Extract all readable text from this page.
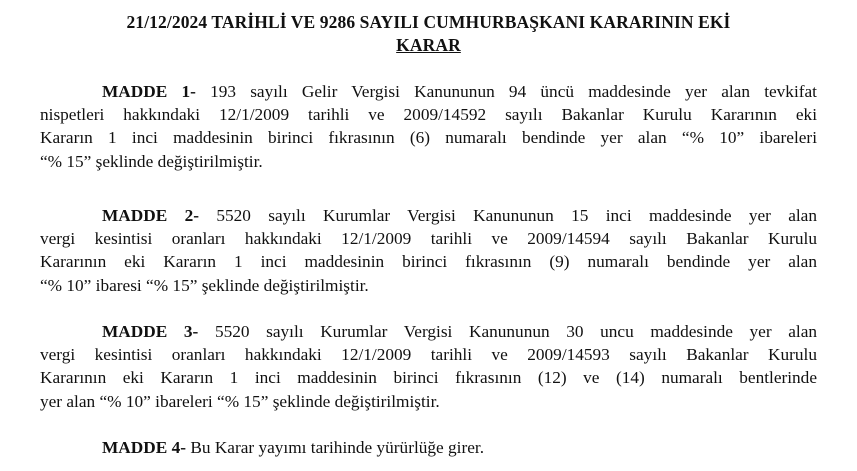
21/12/2024 TARİHLİ VE 9286 SAYILI CUMHURBAŞKANI KARARININ EKİ
KARAR
MADDE 1- 193 sayılı Gelir Vergisi Kanununun 94 üncü maddesinde yer alan tevkifat
nispetleri hakkındaki 12/1/2009 tarihli ve 2009/14592 sayılı Bakanlar Kurulu Kararının eki
Kararın 1 inci maddesinin birinci fıkrasının (6) numaralı bendinde yer alan “% 10” ibareleri
“% 15” şeklinde değiştirilmiştir.
MADDE 2- 5520 sayılı Kurumlar Vergisi Kanununun 15 inci maddesinde yer alan
vergi kesintisi oranları hakkındaki 12/1/2009 tarihli ve 2009/14594 sayılı Bakanlar Kurulu
Kararının eki Kararın 1 inci maddesinin birinci fıkrasının (9) numaralı bendinde yer alan
“% 10” ibaresi “% 15” şeklinde değiştirilmiştir.
MADDE 3- 5520 sayılı Kurumlar Vergisi Kanununun 30 uncu maddesinde yer alan
vergi kesintisi oranları hakkındaki 12/1/2009 tarihli ve 2009/14593 sayılı Bakanlar Kurulu
Kararının eki Kararın 1 inci maddesinin birinci fıkrasının (12) ve (14) numaralı bentlerinde
yer alan “% 10” ibareleri “% 15” şeklinde değiştirilmiştir.
MADDE 4- Bu Karar yayımı tarihinde yürürlüğe girer.
